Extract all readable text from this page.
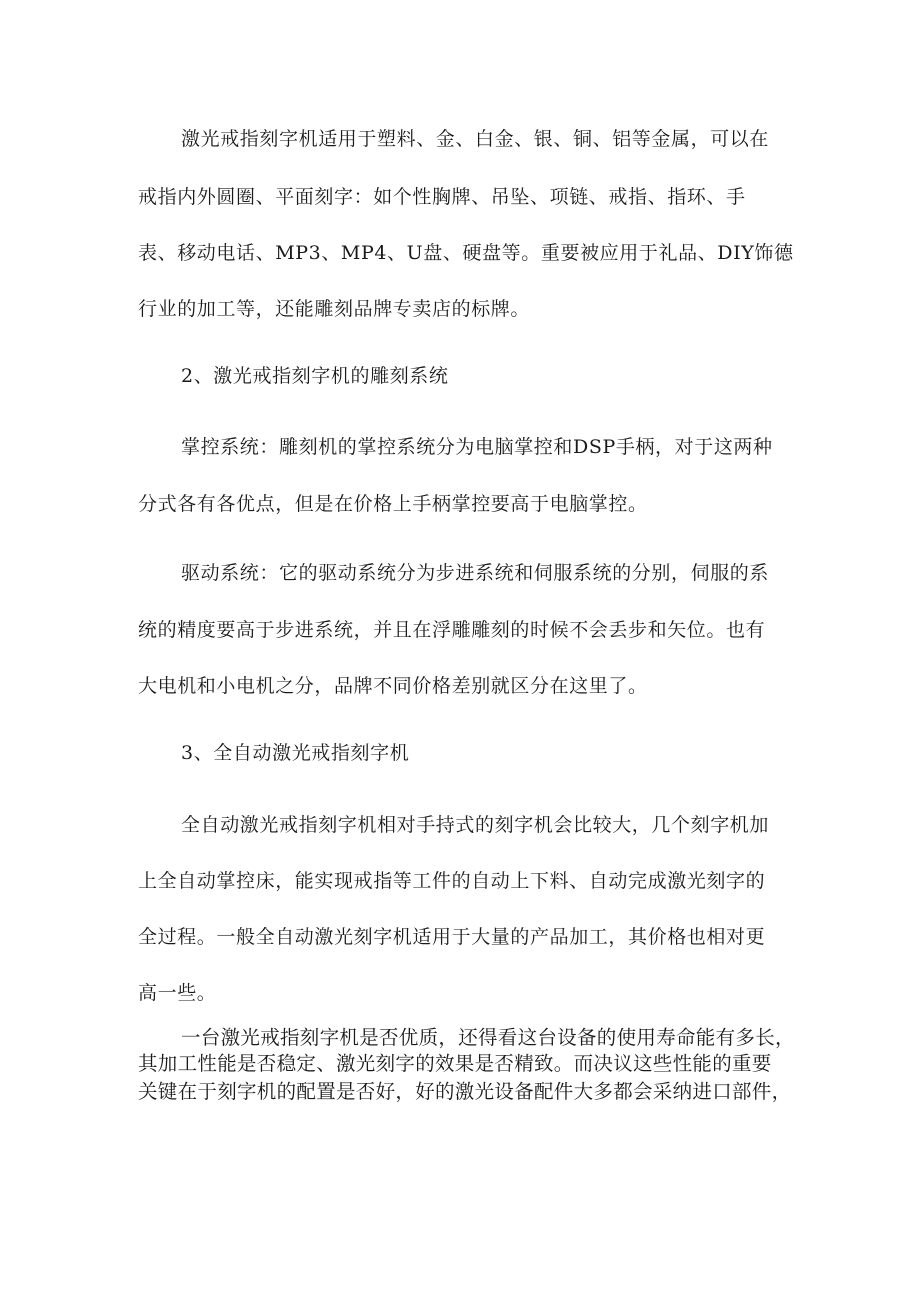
激光戒指刻字机适用于塑料、金、白金、银、铜、铝等金属，可以在
戒指内外圆圈、平面刻字：如个性胸牌、吊坠、项链、戒指、指环、手
表、移动电话、MP3、MP4、U盘、硬盘等。重要被应用于礼品、DIY饰德
行业的加工等，还能雕刻品牌专卖店的标牌。
2、激光戒指刻字机的雕刻系统
掌控系统：雕刻机的掌控系统分为电脑掌控和DSP手柄，对于这两种
分式各有各优点，但是在价格上手柄掌控要高于电脑掌控。
驱动系统：它的驱动系统分为步进系统和伺服系统的分别，伺服的系
统的精度要高于步进系统，并且在浮雕雕刻的时候不会丢步和矢位。也有
大电机和小电机之分，品牌不同价格差别就区分在这里了。
3、全自动激光戒指刻字机
全自动激光戒指刻字机相对手持式的刻字机会比较大，几个刻字机加
上全自动掌控床，能实现戒指等工件的自动上下料、自动完成激光刻字的
全过程。一般全自动激光刻字机适用于大量的产品加工，其价格也相对更
高一些。
一台激光戒指刻字机是否优质，还得看这台设备的使用寿命能有多长，
其加工性能是否稳定、激光刻字的效果是否精致。而决议这些性能的重要
关键在于刻字机的配置是否好，好的激光设备配件大多都会采纳进口部件，
